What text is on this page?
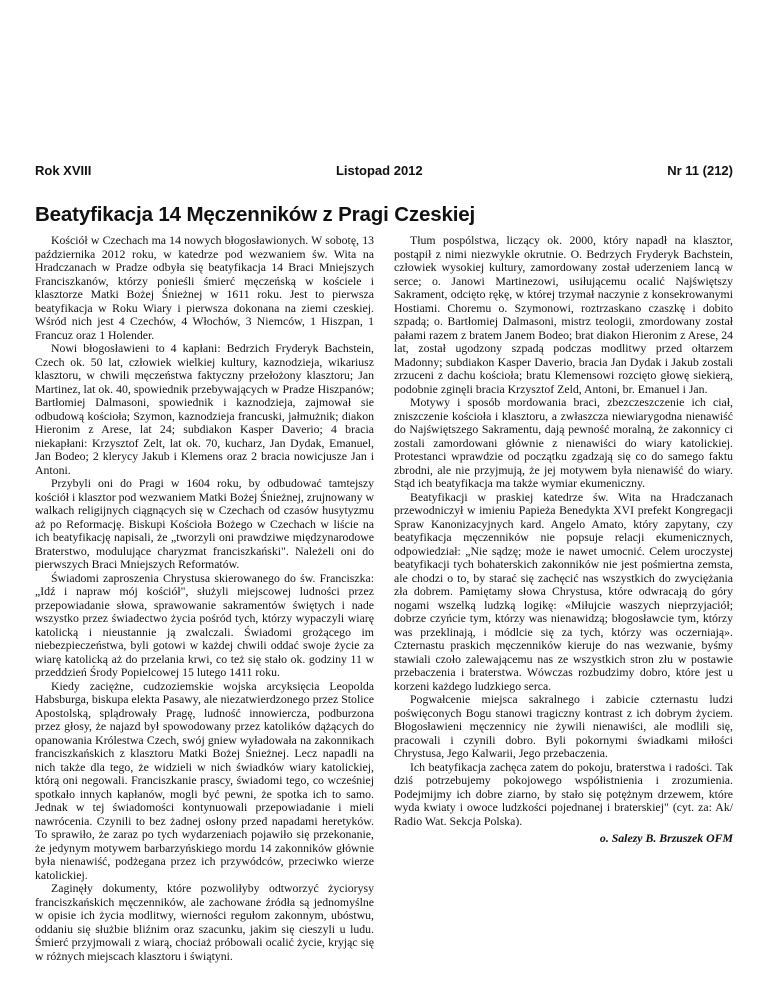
Rok XVIII	Listopad 2012	Nr 11 (212)
Beatyfikacja 14 Męczenników z Pragi Czeskiej

Kościół w Czechach ma 14 nowych błogosławionych. W sobotę, 13 października 2012 roku, w katedrze pod wezwaniem św. Wita na Hradczanach w Pradze odbyła się beatyfikacja 14 Braci Mniejszych Franciszkanów, którzy ponieśli śmierć męczeńską w kościele i klasztorze Matki Bożej Śnieżnej w 1611 roku. Jest to pierwsza beatyfikacja w Roku Wiary i pierwsza dokonana na ziemi czeskiej. Wśród nich jest 4 Czechów, 4 Włochów, 3 Niemców, 1 Hiszpan, 1 Francuz oraz 1 Holender.

Nowi błogosławieni to 4 kapłani: Bedrzich Fryderyk Bachstein, Czech ok. 50 lat, człowiek wielkiej kultury, kaznodzieja, wikariusz klasztoru, w chwili męczeństwa faktyczny przełożony klasztoru; Jan Martinez, lat ok. 40, spowiednik przebywających w Pradze Hiszpanów; Bartłomiej Dalmasoni, spowiednik i kaznodzieja, zajmował sie odbudową kościoła; Szymon, kaznodzieja francuski, jałmużnik; diakon Hieronim z Arese, lat 24; subdiakon Kasper Daverio; 4 bracia niekapłani: Krzysztof Zelt, lat ok. 70, kucharz, Jan Dydak, Emanuel, Jan Bodeo; 2 klerycy Jakub i Klemens oraz 2 bracia nowicjusze Jan i Antoni.

Przybyli oni do Pragi w 1604 roku, by odbudować tamtejszy kościół i klasztor pod wezwaniem Matki Bożej Śnieżnej, zrujnowany w walkach religijnych ciągnących się w Czechach od czasów husytyzmu aż po Reformację. Biskupi Kościoła Bożego w Czechach w liście na ich beatyfikację napisali, że „tworzyli oni prawdziwe międzynarodowe Braterstwo, modulujące charyzmat franciszkański". Należeli oni do pierwszych Braci Mniejszych Reformatów.

Świadomi zaproszenia Chrystusa skierowanego do św. Franciszka: „Idź i napraw mój kościół", służyli miejscowej ludności przez przepowiadanie słowa, sprawowanie sakramentów świętych i nade wszystko przez świadectwo życia pośród tych, którzy wypaczyli wiarę katolicką i nieustannie ją zwalczali. Świadomi grożącego im niebezpieczeństwa, byli gotowi w każdej chwili oddać swoje życie za wiarę katolicką aż do przelania krwi, co też się stało ok. godziny 11 w przeddzień Środy Popielcowej 15 lutego 1411 roku.

Kiedy zaciężne, cudzoziemskie wojska arcyksięcia Leopolda Habsburga, biskupa elekta Pasawy, ale niezatwierdzonego przez Stolice Apostolską, splądrowały Pragę, ludność innowiercza, podburzona przez głosy, że najazd był spowodowany przez katolików dążących do opanowania Królestwa Czech, swój gniew wyładowała na zakonnikach franciszkańskich z klasztoru Matki Bożej Śnieżnej. Lecz napadli na nich także dla tego, że widzieli w nich świadków wiary katolickiej, którą oni negowali. Franciszkanie prascy, świadomi tego, co wcześniej spotkało innych kapłanów, mogli być pewni, że spotka ich to samo. Jednak w tej świadomości kontynuowali przepowiadanie i mieli nawrócenia. Czynili to bez żadnej osłony przed napadami heretyków. To sprawiło, że zaraz po tych wydarzeniach pojawiło się przekonanie, że jedynym motywem barbarzyńskiego mordu 14 zakonników głównie była nienawiść, podżegana przez ich przywódców, przeciwko wierze katolickiej.

Zaginęły dokumenty, które pozwoliłyby odtworzyć życiorysy franciszkańskich męczenników, ale zachowane źródła są jednomyślne w opisie ich życia modlitwy, wierności regułom zakonnym, ubóstwu, oddaniu się służbie bliźnim oraz szacunku, jakim się cieszyli u ludu. Śmierć przyjmowali z wiarą, chociaż próbowali ocalić życie, kryjąc się w różnych miejscach klasztoru i świątyni.

Tłum pospólstwa, liczący ok. 2000, który napadł na klasztor, postąpił z nimi niezwykle okrutnie. O. Bedrzych Fryderyk Bachstein, człowiek wysokiej kultury, zamordowany został uderzeniem lancą w serce; o. Janowi Martinezowi, usiłującemu ocalić Najświętszy Sakrament, odcięto rękę, w której trzymał naczynie z konsekrowanymi Hostiami. Choremu o. Szymonowi, roztrzaskano czaszkę i dobito szpadą; o. Bartłomiej Dalmasoni, mistrz teologii, zmordowany został pałami razem z bratem Janem Bodeo; brat diakon Hieronim z Arese, 24 lat, został ugodzony szpadą podczas modlitwy przed ołtarzem Madonny; subdiakon Kasper Daverio, bracia Jan Dydak i Jakub zostali zrzuceni z dachu kościoła; bratu Klemensowi rozcięto głowę siekierą, podobnie zginęli bracia Krzysztof Zeld, Antoni, br. Emanuel i Jan.

Motywy i sposób mordowania braci, zbezczeszczenie ich ciał, zniszczenie kościoła i klasztoru, a zwłaszcza niewiarygodna nienawiść do Najświętszego Sakramentu, dają pewność moralną, że zakonnicy ci zostali zamordowani głównie z nienawiści do wiary katolickiej. Protestanci wprawdzie od początku zgadzają się co do samego faktu zbrodni, ale nie przyjmują, że jej motywem była nienawiść do wiary. Stąd ich beatyfikacja ma także wymiar ekumeniczny.

Beatyfikacji w praskiej katedrze św. Wita na Hradczanach przewodniczył w imieniu Papieża Benedykta XVI prefekt Kongregacji Spraw Kanonizacyjnych kard. Angelo Amato, który zapytany, czy beatyfikacja męczenników nie popsuje relacji ekumenicznych, odpowiedział: „Nie sądzę; może ie nawet umocnić. Celem uroczystej beatyfikacji tych bohaterskich zakonników nie jest pośmiertna zemsta, ale chodzi o to, by starać się zachęcić nas wszystkich do zwyciężania zła dobrem. Pamiętamy słowa Chrystusa, które odwracają do góry nogami wszelką ludzką logikę: «Miłujcie waszych nieprzyjaciół; dobrze czyńcie tym, którzy was nienawidzą; błogosławcie tym, którzy was przeklinają, i módlcie się za tych, którzy was oczerniają». Czternastu praskich męczenników kieruje do nas wezwanie, byśmy stawiali czoło zalewającemu nas ze wszystkich stron złu w postawie przebaczenia i braterstwa. Wówczas rozbudzimy dobro, które jest u korzeni każdego ludzkiego serca.

Pogwałcenie miejsca sakralnego i zabicie czternastu ludzi poświęconych Bogu stanowi tragiczny kontrast z ich dobrym życiem. Błogosławieni męczennicy nie żywili nienawiści, ale modlili się, pracowali i czynili dobro. Byli pokornymi świadkami miłości Chrystusa, Jego Kalwarii, Jego przebaczenia.

Ich beatyfikacja zachęca zatem do pokoju, braterstwa i radości. Tak dziś potrzebujemy pokojowego współistnienia i zrozumienia. Podejmijmy ich dobre ziarno, by stało się potężnym drzewem, które wyda kwiaty i owoce ludzkości pojednanej i braterskiej" (cyt. za: Ak/ Radio Wat. Sekcja Polska).

o. Salezy B. Brzuszek OFM
